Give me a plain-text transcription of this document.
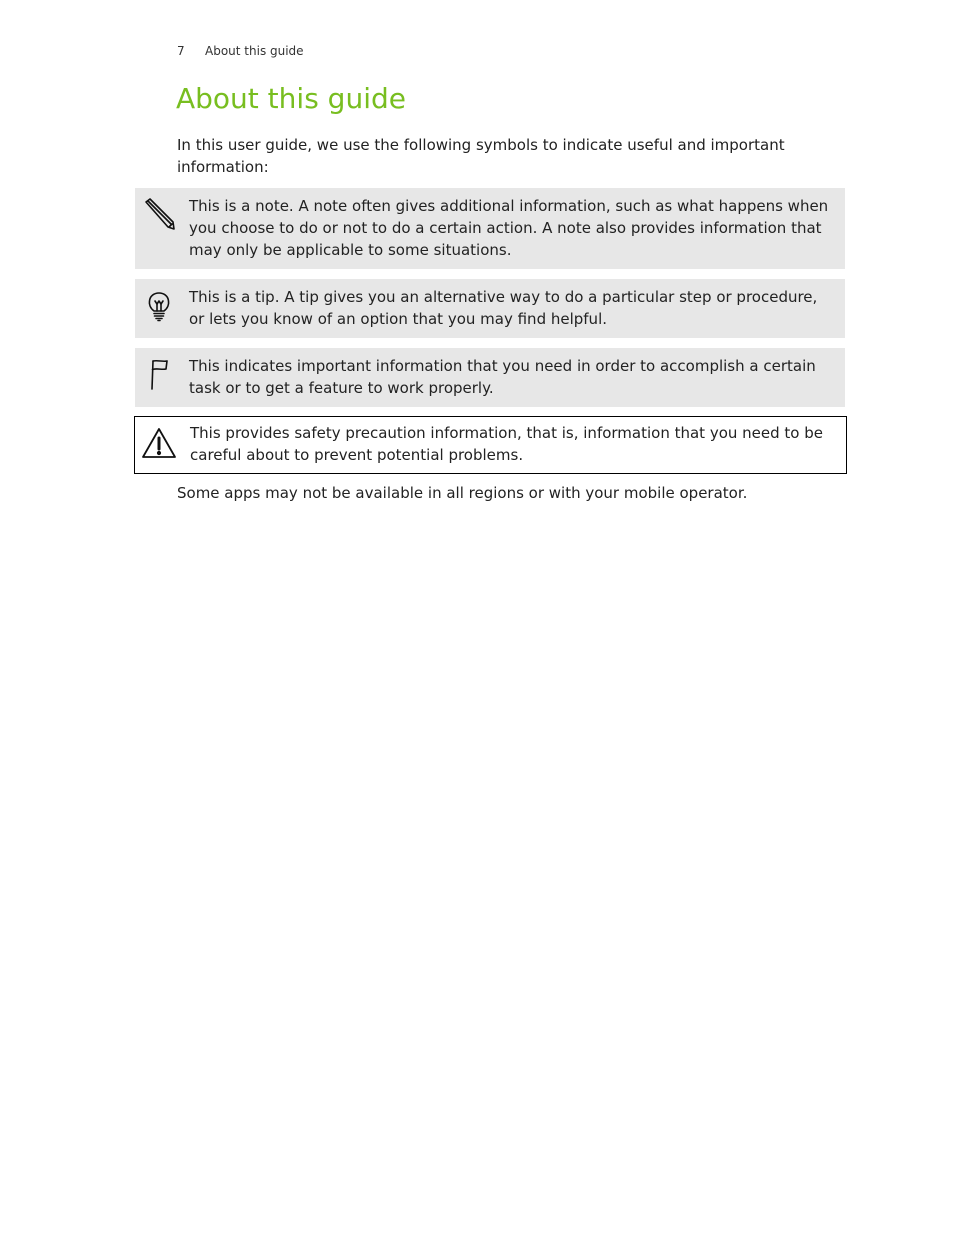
7 About this guide
About this guide

In this user guide, we use the following symbols to indicate useful and important information:

This is a note. A note often gives additional information, such as what happens when you choose to do or not to do a certain action. A note also provides information that may only be applicable to some situations.

This is a tip. A tip gives you an alternative way to do a particular step or procedure, or lets you know of an option that you may find helpful.

This indicates important information that you need in order to accomplish a certain task or to get a feature to work properly.

This provides safety precaution information, that is, information that you need to be careful about to prevent potential problems.

Some apps may not be available in all regions or with your mobile operator.
